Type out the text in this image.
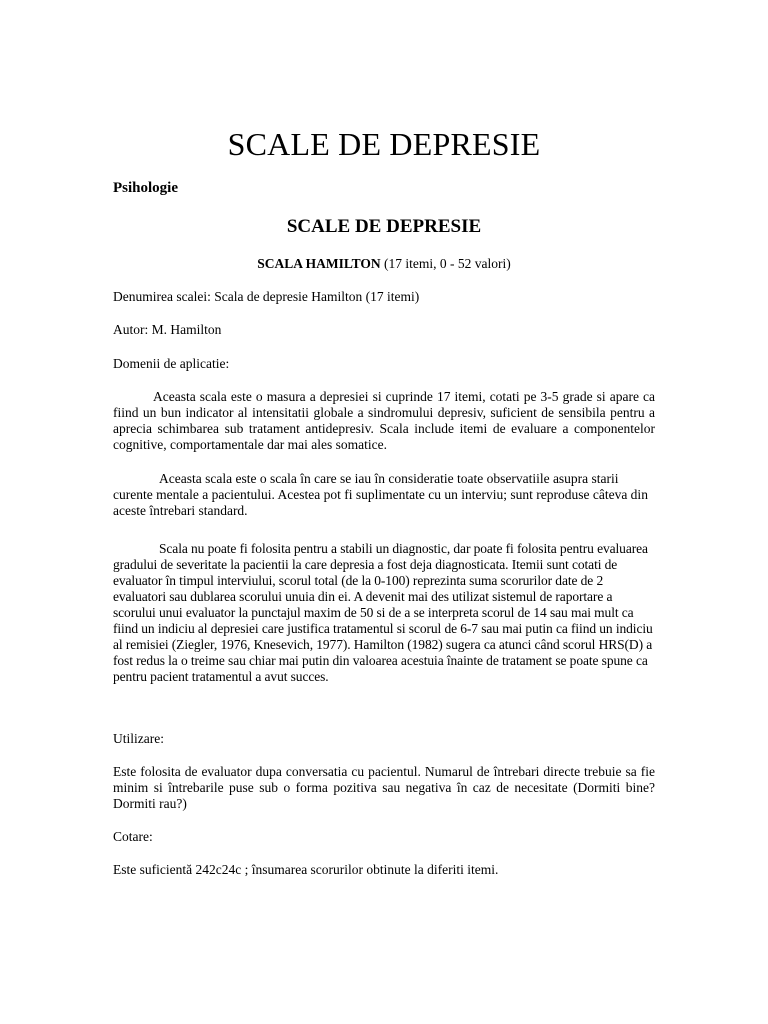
SCALE DE DEPRESIE
Psihologie
SCALE DE DEPRESIE
SCALA HAMILTON (17 itemi, 0 - 52 valori)

Denumirea scalei: Scala de depresie Hamilton (17 itemi)

Autor: M. Hamilton

Domenii de aplicatie:

Aceasta scala este o masura a depresiei si cuprinde 17 itemi, cotati pe 3-5 grade si apare ca fiind un bun indicator al intensitatii globale a sindromului depresiv, suficient de sensibila pentru a aprecia schimbarea sub tratament antidepresiv. Scala include itemi de evaluare a componentelor cognitive, comportamentale dar mai ales somatice.

Aceasta scala este o scala în care se iau în consideratie toate observatiile asupra starii curente mentale a pacientului. Acestea pot fi suplimentate cu un interviu; sunt reproduse câteva din aceste întrebari standard.

Scala nu poate fi folosita pentru a stabili un diagnostic, dar poate fi folosita pentru evaluarea gradului de severitate la pacientii la care depresia a fost deja diagnosticata. Itemii sunt cotati de evaluator în timpul interviului, scorul total (de la 0-100) reprezinta suma scorurilor date de 2 evaluatori sau dublarea scorului unuia din ei. A devenit mai des utilizat sistemul de raportare a scorului unui evaluator la punctajul maxim de 50 si de a se interpreta scorul de 14 sau mai mult ca fiind un indiciu al depresiei care justifica tratamentul si scorul de 6-7 sau mai putin ca fiind un indiciu al remisiei (Ziegler, 1976, Knesevich, 1977). Hamilton (1982) sugera ca atunci când scorul HRS(D) a fost redus la o treime sau chiar mai putin din valoarea acestuia înainte de tratament se poate spune ca pentru pacient tratamentul a avut succes.

Utilizare:

Este folosita de evaluator dupa conversatia cu pacientul. Numarul de întrebari directe trebuie sa fie minim si întrebarile puse sub o forma pozitiva sau negativa în caz de necesitate (Dormiti bine? Dormiti rau?)

Cotare:

Este suficientă 242c24c ; însumarea scorurilor obtinute la diferiti itemi.
